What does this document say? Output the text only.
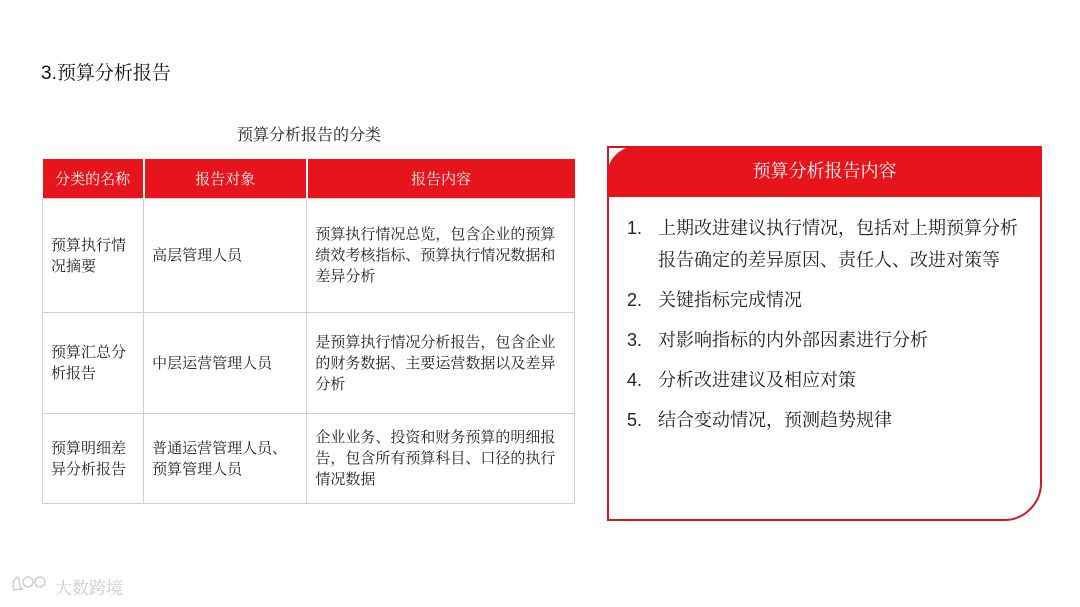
3.预算分析报告
预算分析报告的分类
分类的名称	报告对象	报告内容
预算执行情况摘要	高层管理人员	预算执行情况总览，包含企业的预算绩效考核指标、预算执行情况数据和差异分析
预算汇总分析报告	中层运营管理人员	是预算执行情况分析报告，包含企业的财务数据、主要运营数据以及差异分析
预算明细差异分析报告	普通运营管理人员、预算管理人员	企业业务、投资和财务预算的明细报告，包含所有预算科目、口径的执行情况数据
预算分析报告内容
1. 上期改进建议执行情况，包括对上期预算分析报告确定的差异原因、责任人、改进对策等
2. 关键指标完成情况
3. 对影响指标的内外部因素进行分析
4. 分析改进建议及相应对策
5. 结合变动情况，预测趋势规律
大数跨境
